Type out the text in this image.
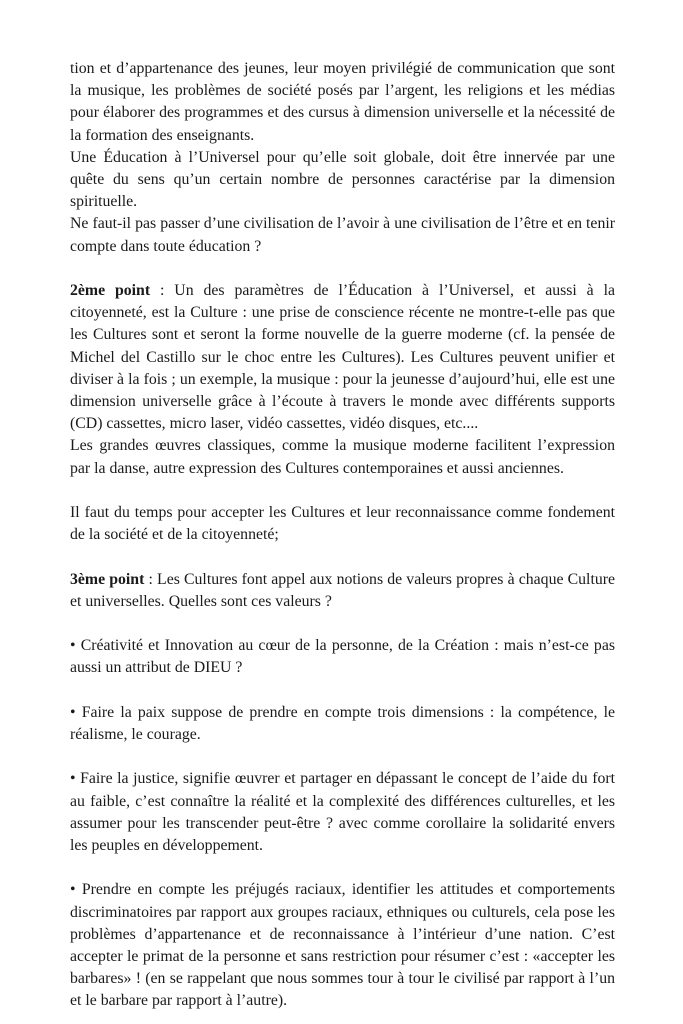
tion et d’appartenance des jeunes, leur moyen privilégié de communication que sont la musique, les problèmes de société posés par l’argent, les religions et les médias pour élaborer des programmes et des cursus à dimension universelle et la nécessité de la formation des enseignants.

Une Éducation à l’Universel pour qu’elle soit globale, doit être innervée par une quête du sens qu’un certain nombre de personnes caractérise par la dimension spirituelle.

Ne faut-il pas passer d’une civilisation de l’avoir à une civilisation de l’être et en tenir compte dans toute éducation ?

2ème point : Un des paramètres de l’Éducation à l’Universel, et aussi à la citoyenneté, est la Culture : une prise de conscience récente ne montre-t-elle pas que les Cultures sont et seront la forme nouvelle de la guerre moderne (cf. la pensée de Michel del Castillo sur le choc entre les Cultures). Les Cultures peuvent unifier et diviser à la fois ; un exemple, la musique : pour la jeunesse d’aujourd’hui, elle est une dimension universelle grâce à l’écoute à travers le monde avec différents supports (CD) cassettes, micro laser, vidéo cassettes, vidéo disques, etc....

Les grandes œuvres classiques, comme la musique moderne facilitent l’expression par la danse, autre expression des Cultures contemporaines et aussi anciennes.

Il faut du temps pour accepter les Cultures et leur reconnaissance comme fondement de la société et de la citoyenneté;

3ème point : Les Cultures font appel aux notions de valeurs propres à chaque Culture et universelles. Quelles sont ces valeurs ?

• Créativité et Innovation au cœur de la personne, de la Création : mais n’est-ce pas aussi un attribut de DIEU ?

• Faire la paix suppose de prendre en compte trois dimensions : la compétence, le réalisme, le courage.

• Faire la justice, signifie œuvrer et partager en dépassant le concept de l’aide du fort au faible, c’est connaître la réalité et la complexité des différences culturelles, et les assumer pour les transcender peut-être ? avec comme corollaire la solidarité envers les peuples en développement.

• Prendre en compte les préjugés raciaux, identifier les attitudes et comportements discriminatoires par rapport aux groupes raciaux, ethniques ou culturels, cela pose les problèmes d’appartenance et de reconnaissance à l’intérieur d’une nation. C’est accepter le primat de la personne et sans restriction pour résumer c’est : «accepter les barbares» ! (en se rappelant que nous sommes tour à tour le civilisé par rapport à l’un et le barbare par rapport à l’autre).
